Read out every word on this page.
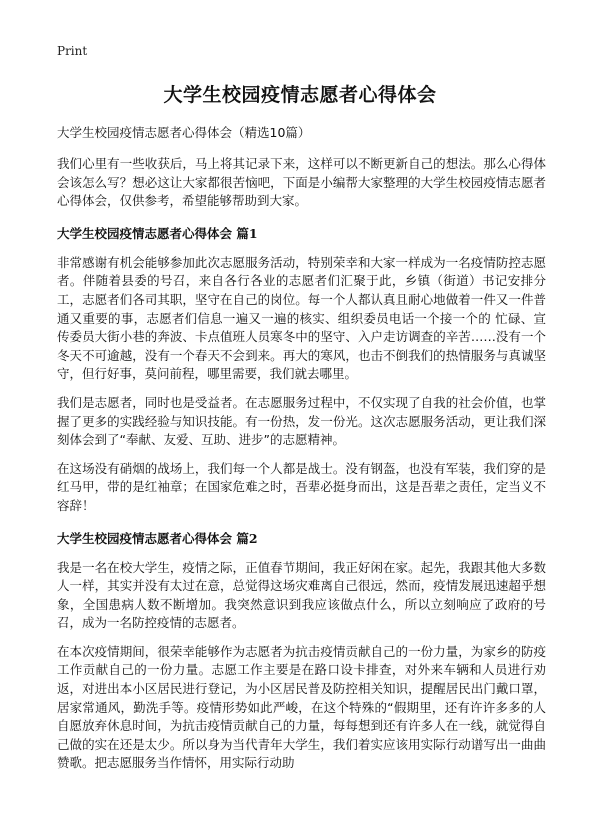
Print
大学生校园疫情志愿者心得体会
大学生校园疫情志愿者心得体会（精选10篇）

我们心里有一些收获后，马上将其记录下来，这样可以不断更新自己的想法。那么心得体会该怎么写？想必这让大家都很苦恼吧，下面是小编帮大家整理的大学生校园疫情志愿者心得体会，仅供参考，希望能够帮助到大家。

大学生校园疫情志愿者心得体会 篇1

非常感谢有机会能够参加此次志愿服务活动，特别荣幸和大家一样成为一名疫情防控志愿者。伴随着县委的号召，来自各行各业的志愿者们汇聚于此，乡镇（街道）书记安排分工，志愿者们各司其职，坚守在自己的岗位。每一个人都认真且耐心地做着一件又一件普通又重要的事，志愿者们信息一遍又一遍的核实、组织委员电话一个接一个的 忙碌、宣传委员大街小巷的奔波、卡点值班人员寒冬中的坚守、入户走访调查的辛苦……没有一个冬天不可逾越，没有一个春天不会到来。再大的寒风，也击不倒我们的热情服务与真诚坚守，但行好事，莫问前程，哪里需要，我们就去哪里。

我们是志愿者，同时也是受益者。在志愿服务过程中，不仅实现了自我的社会价值，也掌握了更多的实践经验与知识技能。有一份热，发一份光。这次志愿服务活动，更让我们深刻体会到了“奉献、友爱、互助、进步”的志愿精神。

在这场没有硝烟的战场上，我们每一个人都是战士。没有钢盔，也没有军装，我们穿的是红马甲，带的是红袖章；在国家危难之时，吾辈必挺身而出，这是吾辈之责任，定当义不容辞！

大学生校园疫情志愿者心得体会 篇2

我是一名在校大学生，疫情之际，正值春节期间，我正好闲在家。起先，我跟其他大多数人一样，其实并没有太过在意，总觉得这场灾难离自己很远，然而，疫情发展迅速超乎想象，全国患病人数不断增加。我突然意识到我应该做点什么，所以立刻响应了政府的号召，成为一名防控疫情的志愿者。

在本次疫情期间，很荣幸能够作为志愿者为抗击疫情贡献自己的一份力量，为家乡的防疫工作贡献自己的一份力量。志愿工作主要是在路口设卡排查，对外来车辆和人员进行劝返，对进出本小区居民进行登记，为小区居民普及防控相关知识，提醒居民出门戴口罩，居家常通风，勤洗手等。疫情形势如此严峻，在这个特殊的“假期里，还有许许多多的人自愿放弃休息时间，为抗击疫情贡献自己的力量，每每想到还有许多人在一线，就觉得自己做的实在还是太少。所以身为当代青年大学生，我们着实应该用实际行动谱写出一曲曲赞歌。把志愿服务当作情怀，用实际行动助
